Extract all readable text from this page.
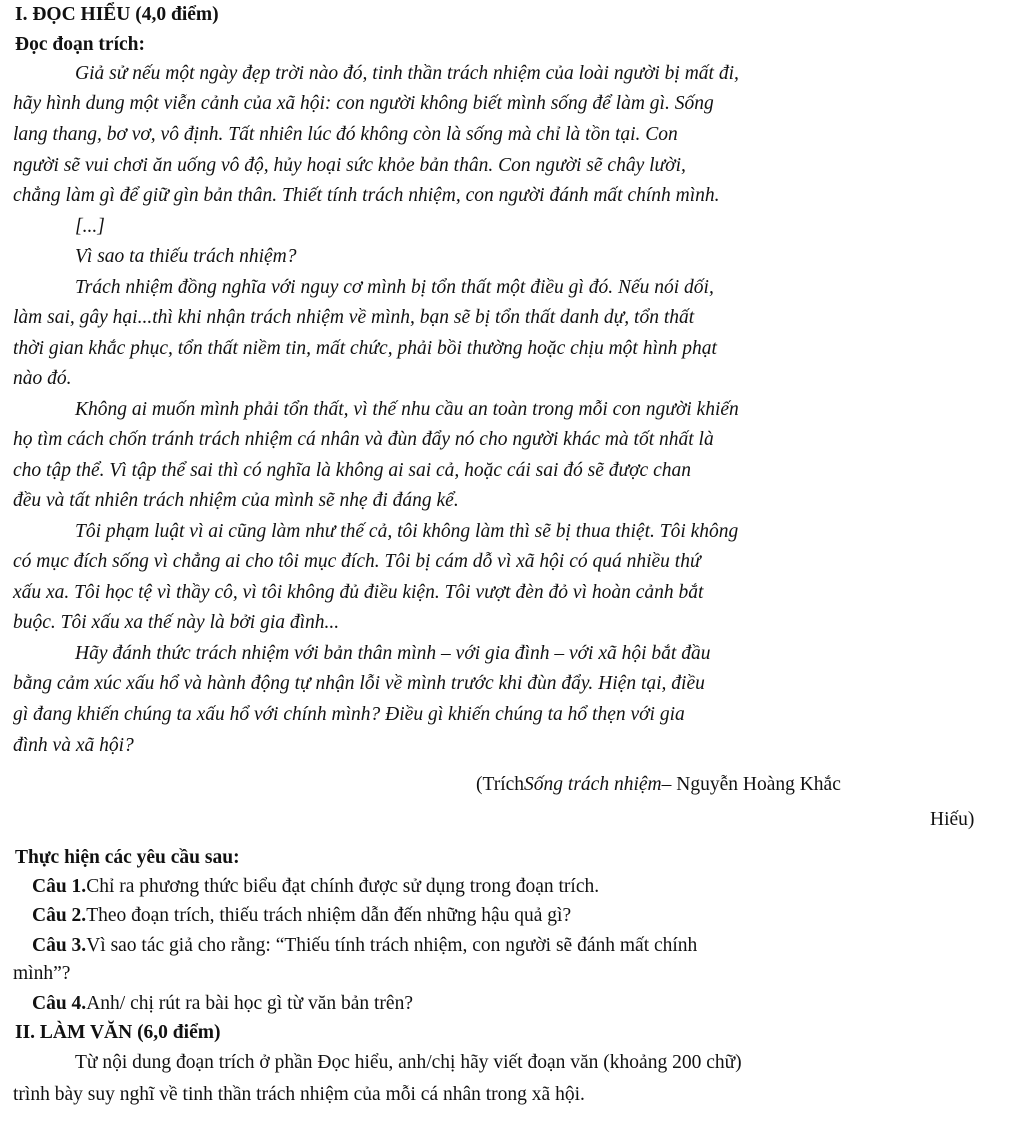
I. ĐỌC HIỂU (4,0 điểm)

Đọc đoạn trích:

Giả sử nếu một ngày đẹp trời nào đó, tinh thần trách nhiệm của loài người bị mất đi,

hãy hình dung một viễn cảnh của xã hội: con người không biết mình sống để làm gì. Sống

lang thang, bơ vơ, vô định. Tất nhiên lúc đó không còn là sống mà chỉ là tồn tại. Con

người sẽ vui chơi ăn uống vô độ, hủy hoại sức khỏe bản thân. Con người sẽ chây lười,

chẳng làm gì để giữ gìn bản thân. Thiết tính trách nhiệm, con người đánh mất chính mình.

[...]

Vì sao ta thiếu trách nhiệm?

Trách nhiệm đồng nghĩa với nguy cơ mình bị tổn thất một điều gì đó. Nếu nói dối,

làm sai, gây hại...thì khi nhận trách nhiệm về mình, bạn sẽ bị tổn thất danh dự, tổn thất

thời gian khắc phục, tổn thất niềm tin, mất chức, phải bồi thường hoặc chịu một hình phạt

nào đó.

Không ai muốn mình phải tổn thất, vì thế nhu cầu an toàn trong mỗi con người khiến

họ tìm cách chốn tránh trách nhiệm cá nhân và đùn đẩy nó cho người khác mà tốt nhất là

cho tập thể. Vì tập thể sai thì có nghĩa là không ai sai cả, hoặc cái sai đó sẽ được chan

đều và tất nhiên trách nhiệm của mình sẽ nhẹ đi đáng kể.

Tôi phạm luật vì ai cũng làm như thế cả, tôi không làm thì sẽ bị thua thiệt. Tôi không

có mục đích sống vì chẳng ai cho tôi mục đích. Tôi bị cám dỗ vì xã hội có quá nhiều thứ

xấu xa. Tôi học tệ vì thầy cô, vì tôi không đủ điều kiện. Tôi vượt đèn đỏ vì hoàn cảnh bắt

buộc. Tôi xấu xa thế này là bởi gia đình...

Hãy đánh thức trách nhiệm với bản thân mình – với gia đình – với xã hội bắt đầu

bằng cảm xúc xấu hổ và hành động tự nhận lỗi về mình trước khi đùn đẩy. Hiện tại, điều

gì đang khiến chúng ta xấu hổ với chính mình? Điều gì khiến chúng ta hổ thẹn với gia

đình và xã hội?

(TríchSống trách nhiệm– Nguyễn Hoàng Khắc

Hiếu)

Thực hiện các yêu cầu sau:

Câu 1.Chỉ ra phương thức biểu đạt chính được sử dụng trong đoạn trích.

Câu 2.Theo đoạn trích, thiếu trách nhiệm dẫn đến những hậu quả gì?

Câu 3.Vì sao tác giả cho rằng: “Thiếu tính trách nhiệm, con người sẽ đánh mất chính

mình”?

Câu 4.Anh/ chị rút ra bài học gì từ văn bản trên?

II. LÀM VĂN (6,0 điểm)

Từ nội dung đoạn trích ở phần Đọc hiểu, anh/chị hãy viết đoạn văn (khoảng 200 chữ)

trình bày suy nghĩ về tinh thần trách nhiệm của mỗi cá nhân trong xã hội.
